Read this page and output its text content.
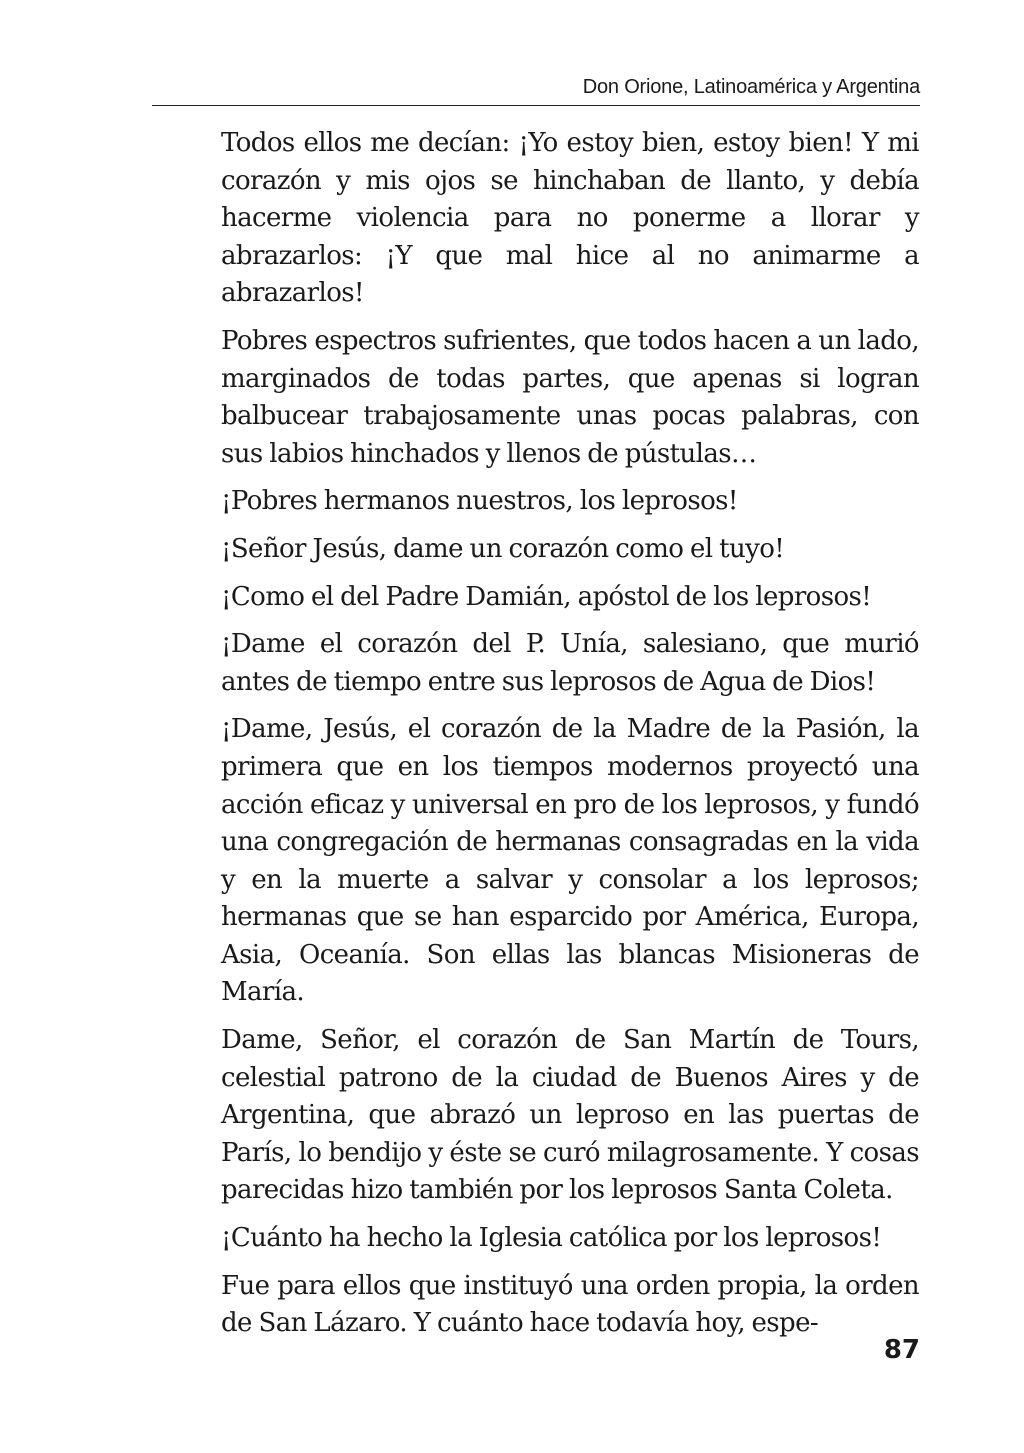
Don Orione, Latinoamérica y Argentina

Todos ellos me decían: ¡Yo estoy bien, estoy bien! Y mi corazón y mis ojos se hinchaban de llanto, y debía hacerme violencia para no ponerme a llorar y abrazarlos: ¡Y que mal hice al no animarme a abrazarlos!

Pobres espectros sufrientes, que todos hacen a un lado, marginados de todas partes, que apenas si logran balbucear trabajosamente unas pocas palabras, con sus labios hinchados y llenos de pústulas…

¡Pobres hermanos nuestros, los leprosos!

¡Señor Jesús, dame un corazón como el tuyo!

¡Como el del Padre Damián, apóstol de los leprosos!

¡Dame el corazón del P. Unía, salesiano, que murió antes de tiempo entre sus leprosos de Agua de Dios!

¡Dame, Jesús, el corazón de la Madre de la Pasión, la primera que en los tiempos modernos proyectó una acción eficaz y universal en pro de los leprosos, y fundó una congregación de hermanas consagradas en la vida y en la muerte a salvar y consolar a los leprosos; hermanas que se han esparcido por América, Europa, Asia, Oceanía. Son ellas las blancas Misioneras de María.

Dame, Señor, el corazón de San Martín de Tours, celestial patrono de la ciudad de Buenos Aires y de Argentina, que abrazó un leproso en las puertas de París, lo bendijo y éste se curó milagrosamente. Y cosas parecidas hizo también por los leprosos Santa Coleta.

¡Cuánto ha hecho la Iglesia católica por los leprosos!

Fue para ellos que instituyó una orden propia, la orden de San Lázaro. Y cuánto hace todavía hoy, espe-

87
